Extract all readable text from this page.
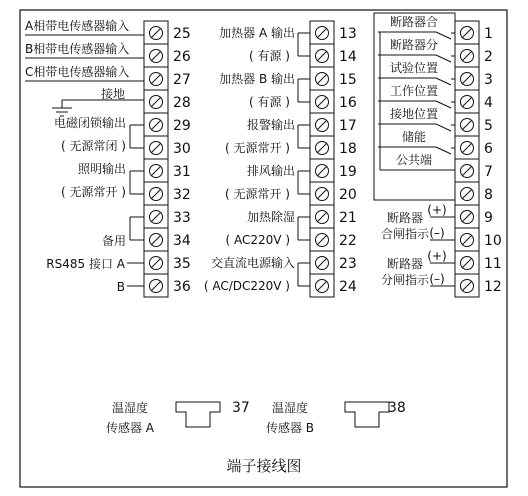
25
26
27
28
29
30
31
32
33
34
35
36
A相带电传感器输入
B相带电传感器输入
C相带电传感器输入
接地
电磁闭锁输出
( 无源常闭 )
照明输出
( 无源常开 )
备用
RS485 接口 A
B
13
14
15
16
17
18
19
20
21
22
23
24
加热器 A 输出
( 有源 )
加热器 B 输出
( 有源 )
报警输出
( 无源常开 )
排风输出
( 无源常开 )
加热除湿
( AC220V )
交直流电源输入
( AC/DC220V )
1
2
3
4
5
6
7
8
9
10
11
12
断路器合
断路器分
试验位置
工作位置
接地位置
储能
公共端
断路器
合闸指示
(+)
(–)
断路器
分闸指示
(+)
(–)
温湿度
传感器 A
37 温湿度
传感器 B
38
端子接线图
